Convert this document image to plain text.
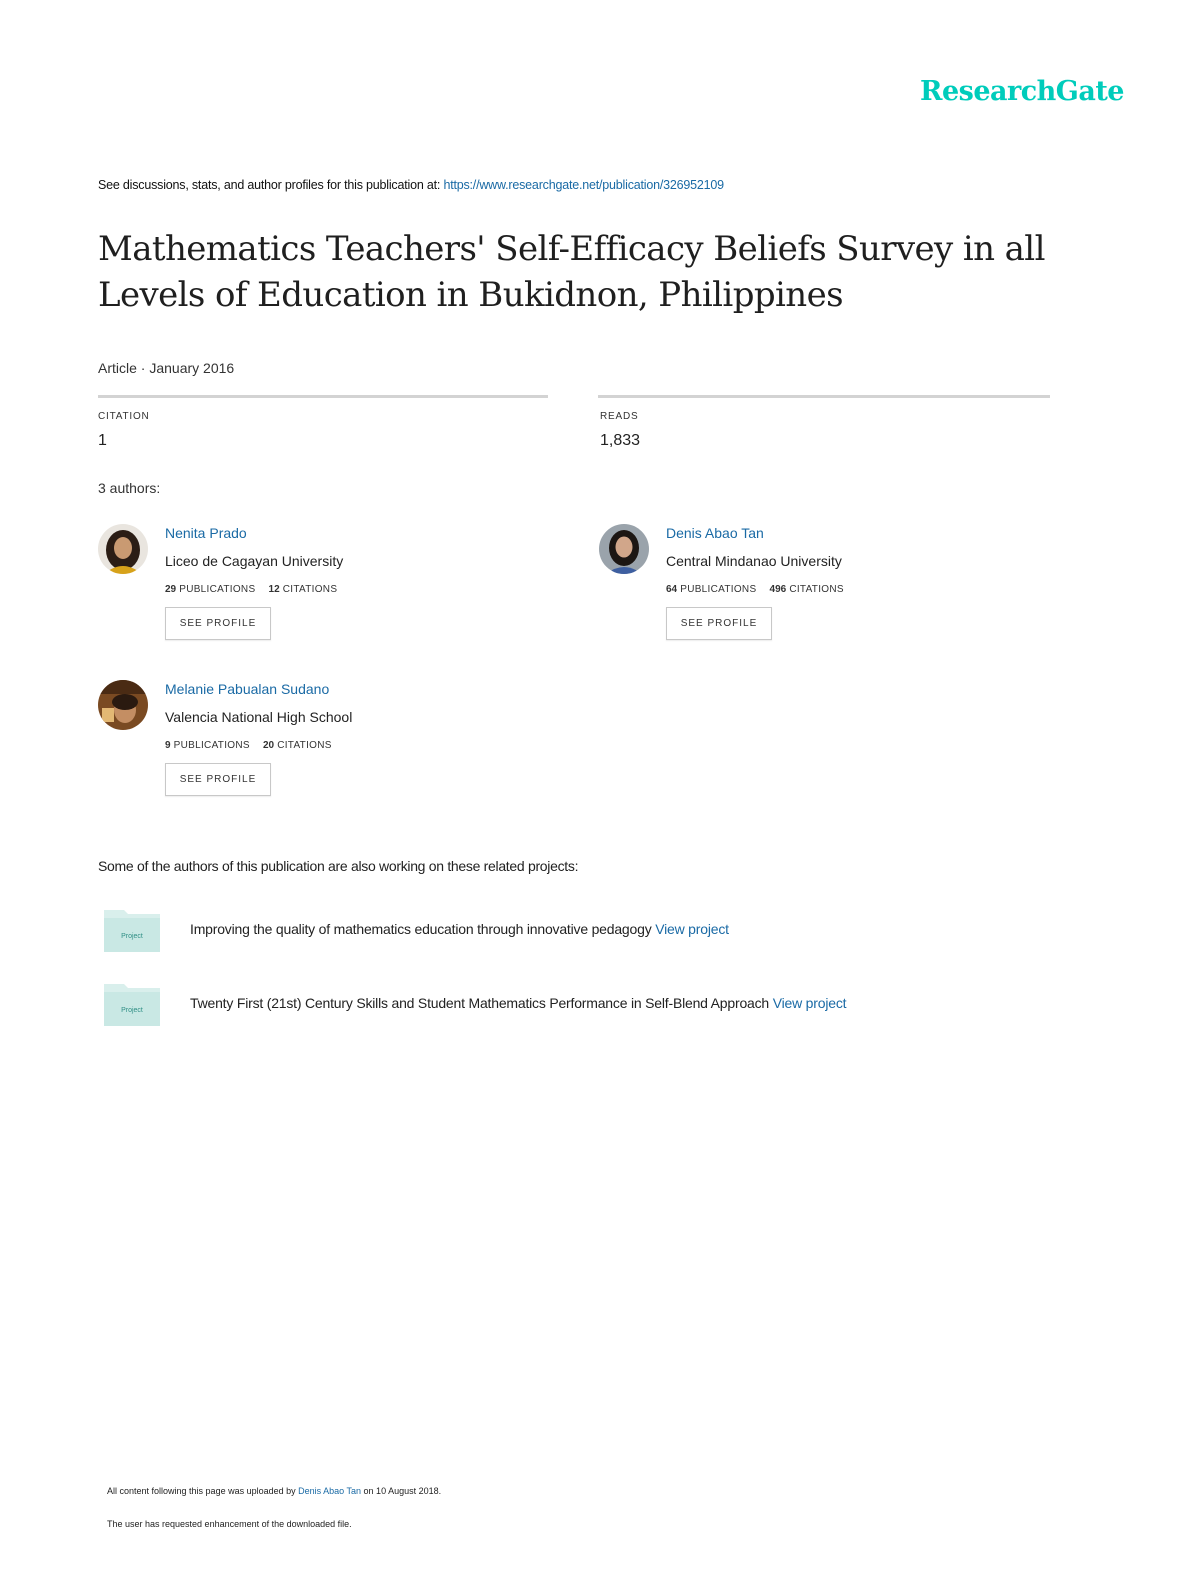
ResearchGate
See discussions, stats, and author profiles for this publication at: https://www.researchgate.net/publication/326952109
Mathematics Teachers' Self-Efficacy Beliefs Survey in all Levels of Education in Bukidnon, Philippines
Article · January 2016
CITATION
1
READS
1,833
3 authors:
Nenita Prado
Liceo de Cagayan University
29 PUBLICATIONS 12 CITATIONS
SEE PROFILE
Denis Abao Tan
Central Mindanao University
64 PUBLICATIONS 496 CITATIONS
SEE PROFILE
Melanie Pabualan Sudano
Valencia National High School
9 PUBLICATIONS 20 CITATIONS
SEE PROFILE
Some of the authors of this publication are also working on these related projects:
Project	Improving the quality of mathematics education through innovative pedagogy View project
Project	Twenty First (21st) Century Skills and Student Mathematics Performance in Self-Blend Approach View project
All content following this page was uploaded by Denis Abao Tan on 10 August 2018.
The user has requested enhancement of the downloaded file.
